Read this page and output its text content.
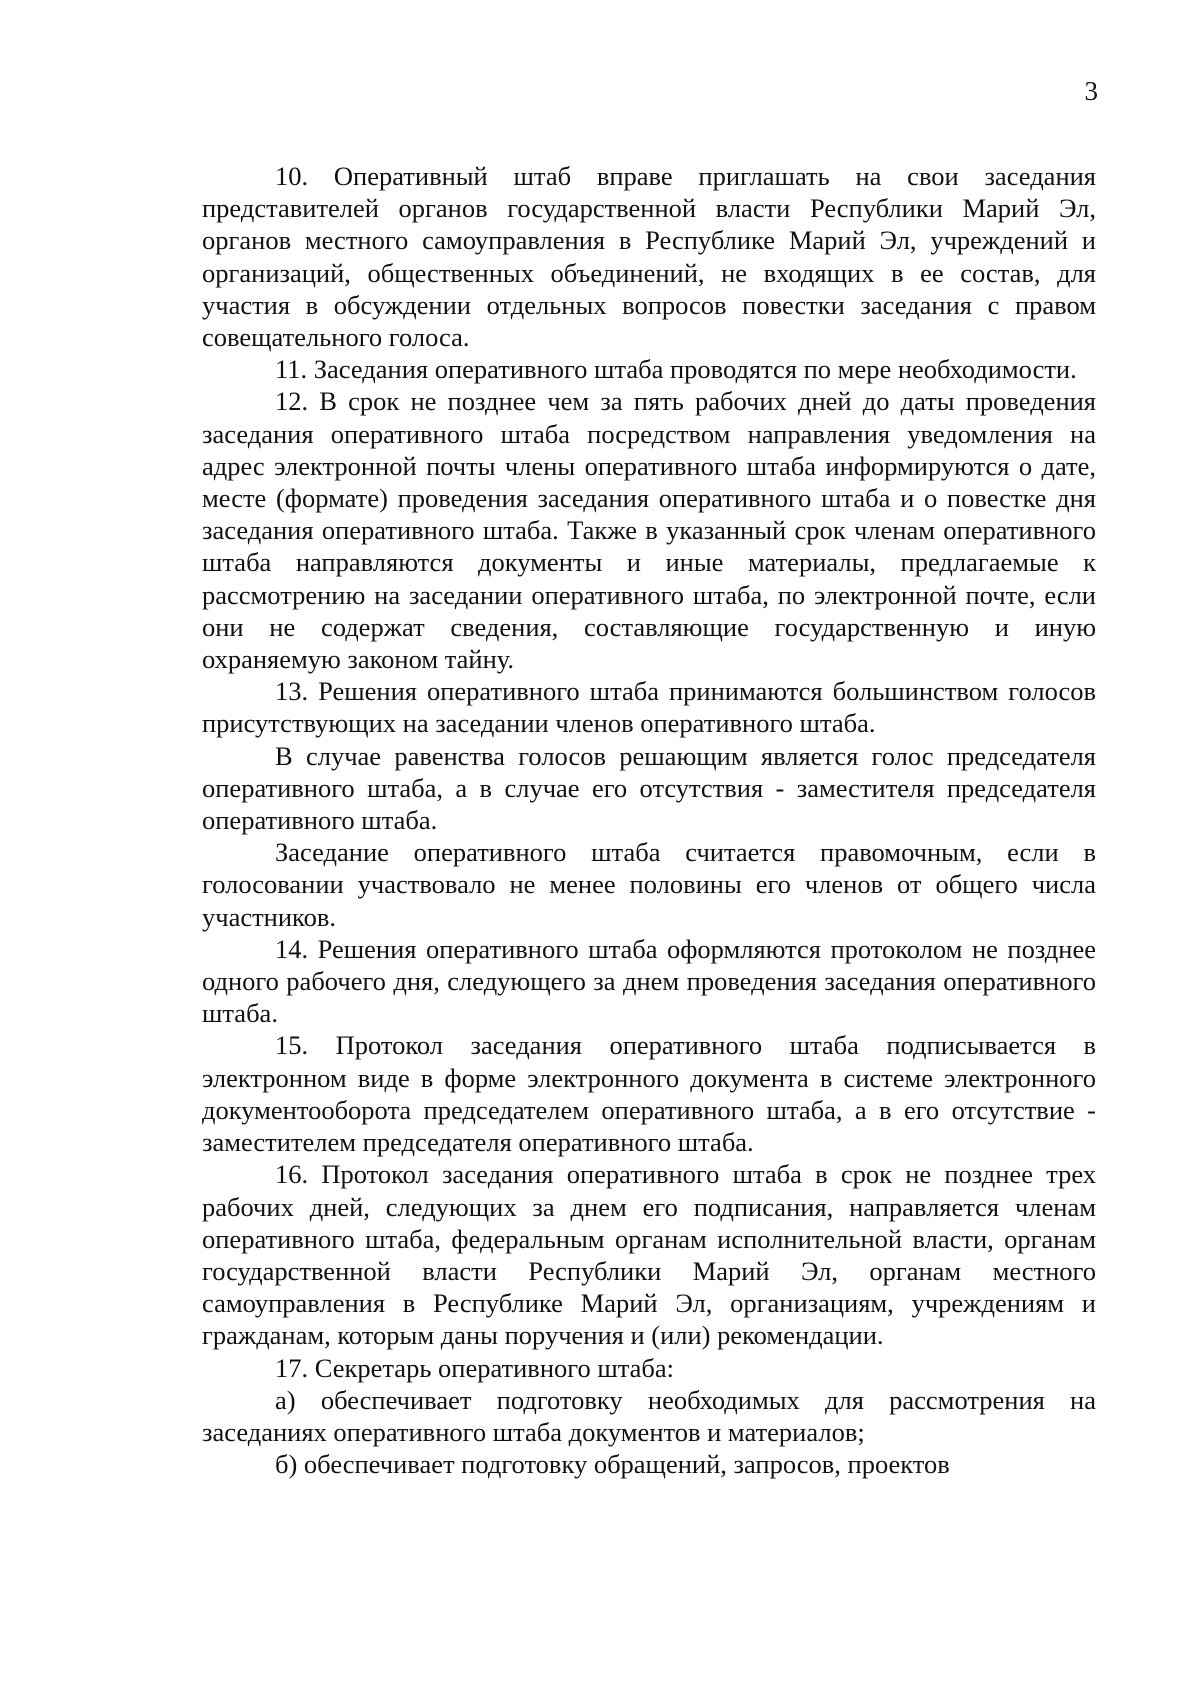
3

10. Оперативный штаб вправе приглашать на свои заседания представителей органов государственной власти Республики Марий Эл, органов местного самоуправления в Республике Марий Эл, учреждений и организаций, общественных объединений, не входящих в ее состав, для участия в обсуждении отдельных вопросов повестки заседания с правом совещательного голоса.

11. Заседания оперативного штаба проводятся по мере необходимости.

12. В срок не позднее чем за пять рабочих дней до даты проведения заседания оперативного штаба посредством направления уведомления на адрес электронной почты члены оперативного штаба информируются о дате, месте (формате) проведения заседания оперативного штаба и о повестке дня заседания оперативного штаба. Также в указанный срок членам оперативного штаба направляются документы и иные материалы, предлагаемые к рассмотрению на заседании оперативного штаба, по электронной почте, если они не содержат сведения, составляющие государственную и иную охраняемую законом тайну.

13. Решения оперативного штаба принимаются большинством голосов присутствующих на заседании членов оперативного штаба.

В случае равенства голосов решающим является голос председателя оперативного штаба, а в случае его отсутствия - заместителя председателя оперативного штаба.

Заседание оперативного штаба считается правомочным, если в голосовании участвовало не менее половины его членов от общего числа участников.

14. Решения оперативного штаба оформляются протоколом не позднее одного рабочего дня, следующего за днем проведения заседания оперативного штаба.

15. Протокол заседания оперативного штаба подписывается в электронном виде в форме электронного документа в системе электронного документооборота председателем оперативного штаба, а в его отсутствие - заместителем председателя оперативного штаба.

16. Протокол заседания оперативного штаба в срок не позднее трех рабочих дней, следующих за днем его подписания, направляется членам оперативного штаба, федеральным органам исполнительной власти, органам государственной власти Республики Марий Эл, органам местного самоуправления в Республике Марий Эл, организациям, учреждениям и гражданам, которым даны поручения и (или) рекомендации.

17. Секретарь оперативного штаба:

а) обеспечивает подготовку необходимых для рассмотрения на заседаниях оперативного штаба документов и материалов;

б) обеспечивает подготовку обращений, запросов, проектов
